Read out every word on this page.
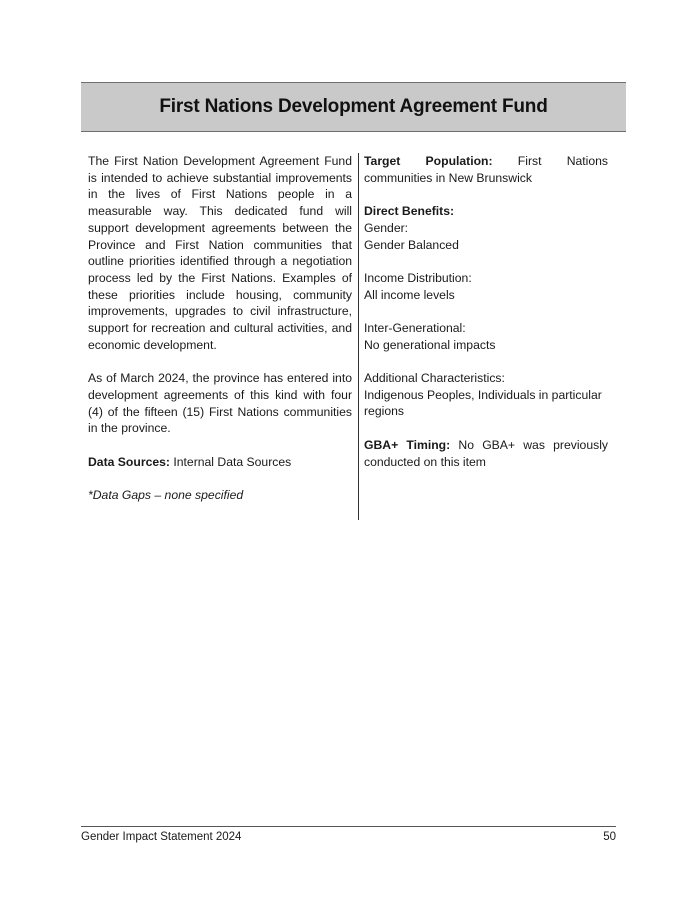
First Nations Development Agreement Fund

The First Nation Development Agreement Fund is intended to achieve substantial improvements in the lives of First Nations people in a measurable way. This dedicated fund will support development agreements between the Province and First Nation communities that outline priorities identified through a negotiation process led by the First Nations. Examples of these priorities include housing, community improvements, upgrades to civil infrastructure, support for recreation and cultural activities, and economic development.

As of March 2024, the province has entered into development agreements of this kind with four (4) of the fifteen (15) First Nations communities in the province.

Data Sources: Internal Data Sources

*Data Gaps – none specified

Target Population: First Nations communities in New Brunswick

Direct Benefits:
Gender:
Gender Balanced
Income Distribution:
All income levels
Inter-Generational:
No generational impacts
Additional Characteristics:
Indigenous Peoples, Individuals in particular regions

GBA+ Timing: No GBA+ was previously conducted on this item

Gender Impact Statement 2024	50
